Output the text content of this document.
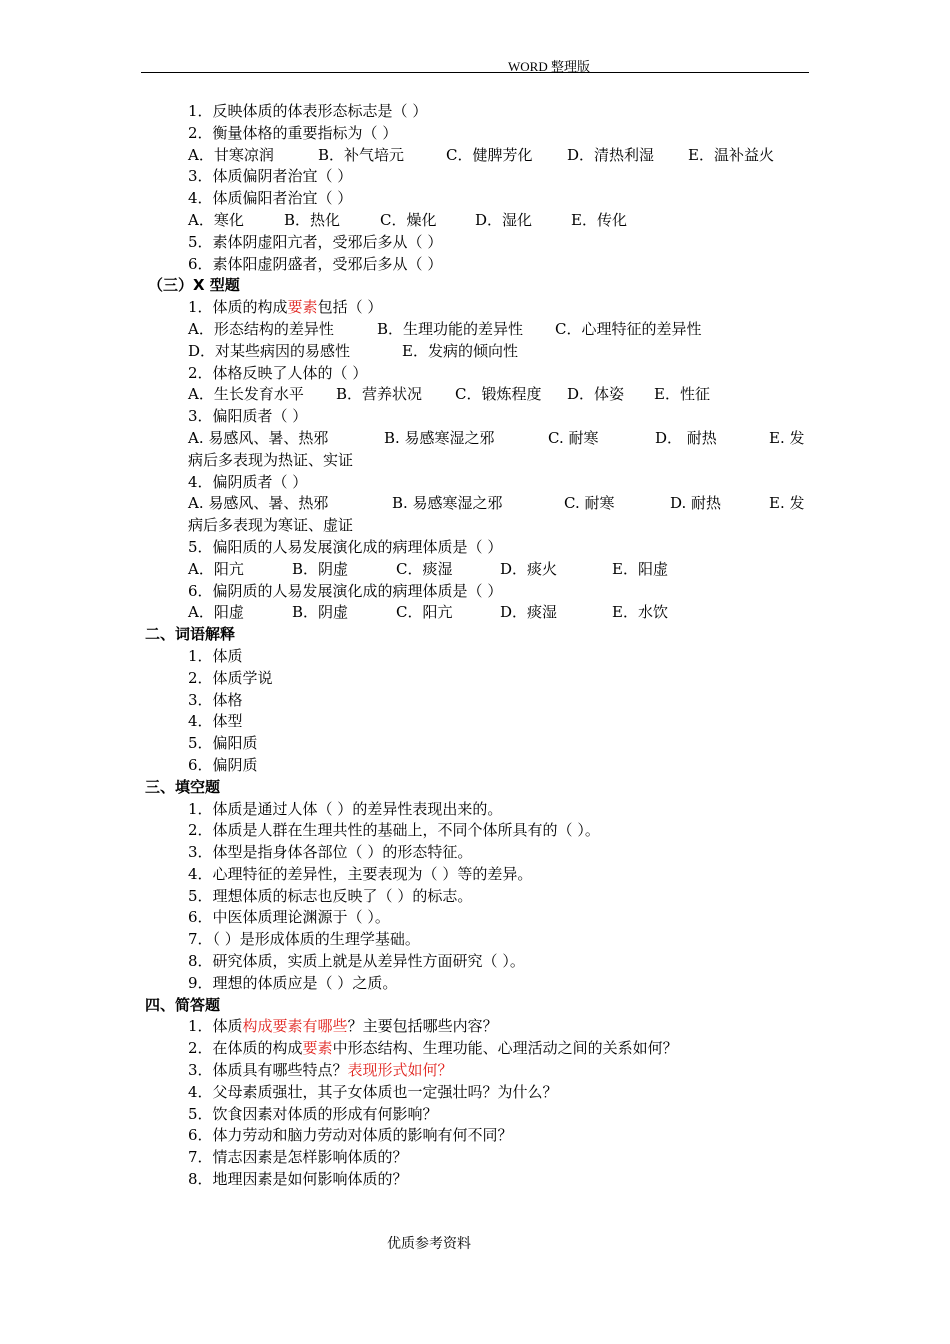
WORD 整理版
1．反映体质的体表形态标志是（ ）
2．衡量体格的重要指标为（ ）
A．甘寒凉润	B．补气培元	C．健脾芳化 D．清热利湿 E．温补益火
3．体质偏阴者治宜（ ）
4．体质偏阳者治宜（ ）
A．寒化	B．热化	C．燥化	D．湿化	E．传化
5．素体阴虚阳亢者，受邪后多从（ ）
6．素体阳虚阴盛者，受邪后多从（ ）
（三）X 型题
1．体质的构成要素包括（ ）
A．形态结构的差异性	B．生理功能的差异性 C．心理特征的差异性
D．对某些病因的易感性	E．发病的倾向性
2．体格反映了人体的（ ）
A．生长发育水平 B．营养状况 C．锻炼程度 D．体姿 E．性征
3．偏阳质者（ ）
A. 易感风、暑、热邪	B. 易感寒湿之邪	C. 耐寒	D． 耐热	E. 发
病后多表现为热证、实证
4．偏阴质者（ ）
A. 易感风、暑、热邪	B. 易感寒湿之邪	C. 耐寒	D. 耐热	E. 发
病后多表现为寒证、虚证
5．偏阳质的人易发展演化成的病理体质是（ ）
A．阳亢	B．阴虚	C．痰湿	D．痰火	E．阳虚
6．偏阴质的人易发展演化成的病理体质是（ ）
A．阳虚	B．阴虚	C．阳亢	D．痰湿	E．水饮
二、词语解释
1．体质
2．体质学说
3．体格
4．体型
5．偏阳质
6．偏阴质
三、填空题
1．体质是通过人体（ ）的差异性表现出来的。
2．体质是人群在生理共性的基础上，不同个体所具有的（ ）。
3．体型是指身体各部位（ ）的形态特征。
4．心理特征的差异性，主要表现为（ ）等的差异。
5．理想体质的标志也反映了（ ）的标志。
6．中医体质理论渊源于（ ）。
7．（ ）是形成体质的生理学基础。
8．研究体质，实质上就是从差异性方面研究（ ）。
9．理想的体质应是（ ）之质。
四、简答题
1．体质构成要素有哪些？主要包括哪些内容？
2．在体质的构成要素中形态结构、生理功能、心理活动之间的关系如何？
3．体质具有哪些特点？表现形式如何？
4．父母素质强壮，其子女体质也一定强壮吗？为什么？
5．饮食因素对体质的形成有何影响？
6．体力劳动和脑力劳动对体质的影响有何不同？
7．情志因素是怎样影响体质的？
8．地理因素是如何影响体质的？
优质参考资料
